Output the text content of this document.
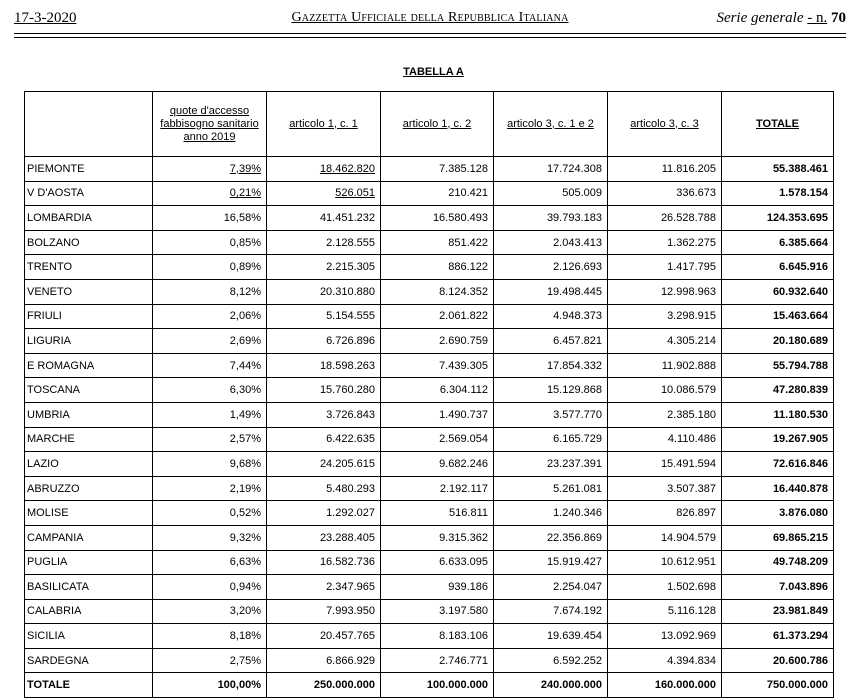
17-3-2020	Gazzetta Ufficiale della Repubblica Italiana	Serie generale - n. 70
TABELLA A
	quote d'accesso fabbisogno sanitario anno 2019	articolo 1, c. 1	articolo 1, c. 2	articolo 3, c. 1 e 2	articolo 3, c. 3	TOTALE
PIEMONTE	7,39%	18.462.820	7.385.128	17.724.308	11.816.205	55.388.461
V D'AOSTA	0,21%	526.051	210.421	505.009	336.673	1.578.154
LOMBARDIA	16,58%	41.451.232	16.580.493	39.793.183	26.528.788	124.353.695
BOLZANO	0,85%	2.128.555	851.422	2.043.413	1.362.275	6.385.664
TRENTO	0,89%	2.215.305	886.122	2.126.693	1.417.795	6.645.916
VENETO	8,12%	20.310.880	8.124.352	19.498.445	12.998.963	60.932.640
FRIULI	2,06%	5.154.555	2.061.822	4.948.373	3.298.915	15.463.664
LIGURIA	2,69%	6.726.896	2.690.759	6.457.821	4.305.214	20.180.689
E ROMAGNA	7,44%	18.598.263	7.439.305	17.854.332	11.902.888	55.794.788
TOSCANA	6,30%	15.760.280	6.304.112	15.129.868	10.086.579	47.280.839
UMBRIA	1,49%	3.726.843	1.490.737	3.577.770	2.385.180	11.180.530
MARCHE	2,57%	6.422.635	2.569.054	6.165.729	4.110.486	19.267.905
LAZIO	9,68%	24.205.615	9.682.246	23.237.391	15.491.594	72.616.846
ABRUZZO	2,19%	5.480.293	2.192.117	5.261.081	3.507.387	16.440.878
MOLISE	0,52%	1.292.027	516.811	1.240.346	826.897	3.876.080
CAMPANIA	9,32%	23.288.405	9.315.362	22.356.869	14.904.579	69.865.215
PUGLIA	6,63%	16.582.736	6.633.095	15.919.427	10.612.951	49.748.209
BASILICATA	0,94%	2.347.965	939.186	2.254.047	1.502.698	7.043.896
CALABRIA	3,20%	7.993.950	3.197.580	7.674.192	5.116.128	23.981.849
SICILIA	8,18%	20.457.765	8.183.106	19.639.454	13.092.969	61.373.294
SARDEGNA	2,75%	6.866.929	2.746.771	6.592.252	4.394.834	20.600.786
TOTALE	100,00%	250.000.000	100.000.000	240.000.000	160.000.000	750.000.000
